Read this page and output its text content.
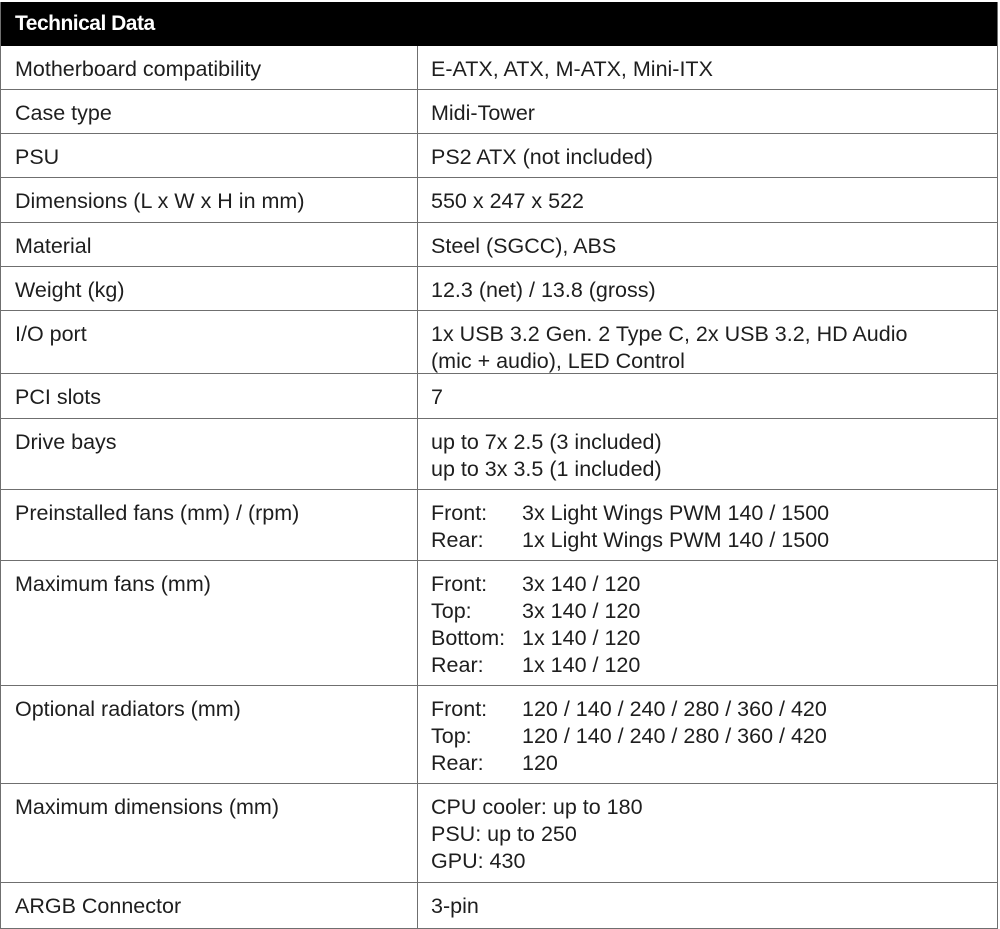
Technical Data
Motherboard compatibility	E-ATX, ATX, M-ATX, Mini-ITX
Case type	Midi-Tower
PSU	PS2 ATX (not included)
Dimensions (L x W x H in mm)	550 x 247 x 522
Material	Steel (SGCC), ABS
Weight (kg)	12.3 (net) / 13.8 (gross)
I/O port	1x USB 3.2 Gen. 2 Type C, 2x USB 3.2, HD Audio
(mic + audio), LED Control
PCI slots	7
Drive bays	up to 7x 2.5 (3 included)
up to 3x 3.5 (1 included)
Preinstalled fans (mm) / (rpm)	Front:	3x Light Wings PWM 140 / 1500
Rear:	1x Light Wings PWM 140 / 1500
Maximum fans (mm)	Front:	3x 140 / 120
Top:	3x 140 / 120
Bottom: 1x 140 / 120
Rear:	1x 140 / 120
Optional radiators (mm)	Front:	120 / 140 / 240 / 280 / 360 / 420
Top:	120 / 140 / 240 / 280 / 360 / 420
Rear:	120
Maximum dimensions (mm)	CPU cooler: up to 180
PSU: up to 250
GPU: 430
ARGB Connector	3-pin
